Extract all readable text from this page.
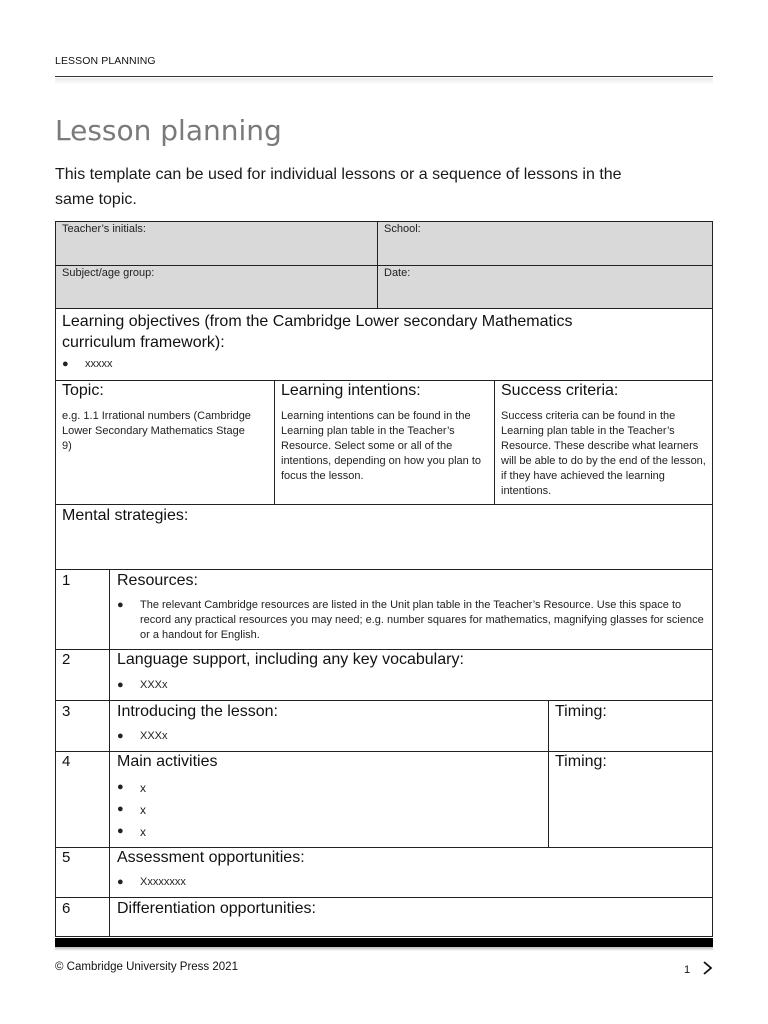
LESSON PLANNING
Lesson planning
This template can be used for individual lessons or a sequence of lessons in the same topic.
Teacher’s initials:	School:
Subject/age group:	Date:
Learning objectives (from the Cambridge Lower secondary Mathematics curriculum framework):
● xxxxx
Topic:
e.g. 1.1 Irrational numbers (Cambridge Lower Secondary Mathematics Stage 9)
Learning intentions:
Learning intentions can be found in the Learning plan table in the Teacher’s Resource. Select some or all of the intentions, depending on how you plan to focus the lesson.
Success criteria:
Success criteria can be found in the Learning plan table in the Teacher’s Resource. These describe what learners will be able to do by the end of the lesson, if they have achieved the learning intentions.
Mental strategies:
1	Resources:
● The relevant Cambridge resources are listed in the Unit plan table in the Teacher’s Resource. Use this space to record any practical resources you may need; e.g. number squares for mathematics, magnifying glasses for science or a handout for English.
2	Language support, including any key vocabulary:
● XXXx
3	Introducing the lesson:
● XXXx
Timing:
4	Main activities
● x
● x
● x
Timing:
5	Assessment opportunities:
● Xxxxxxxx
6	Differentiation opportunities:
© Cambridge University Press 2021	1
